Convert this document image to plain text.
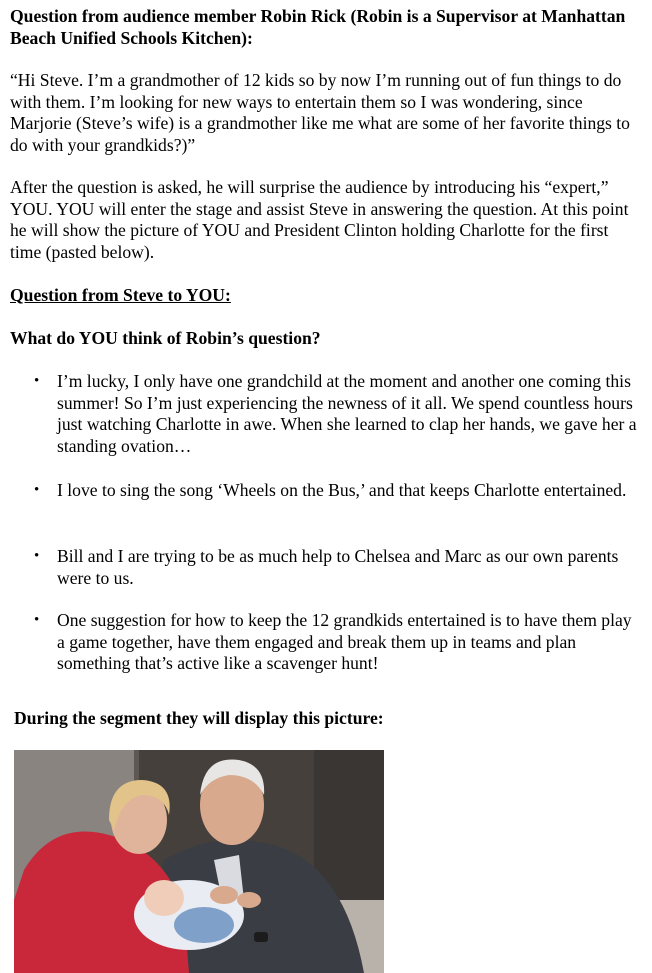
Question from audience member Robin Rick (Robin is a Supervisor at Manhattan Beach Unified Schools Kitchen):

“Hi Steve. I’m a grandmother of 12 kids so by now I’m running out of fun things to do with them. I’m looking for new ways to entertain them so I was wondering, since Marjorie (Steve’s wife) is a grandmother like me what are some of her favorite things to do with your grandkids?)”

After the question is asked, he will surprise the audience by introducing his “expert,” YOU. YOU will enter the stage and assist Steve in answering the question. At this point he will show the picture of YOU and President Clinton holding Charlotte for the first time (pasted below).

Question from Steve to YOU:

What do YOU think of Robin’s question?

• I’m lucky, I only have one grandchild at the moment and another one coming this summer! So I’m just experiencing the newness of it all. We spend countless hours just watching Charlotte in awe. When she learned to clap her hands, we gave her a standing ovation…
• I love to sing the song ‘Wheels on the Bus,’ and that keeps Charlotte entertained.
• Bill and I are trying to be as much help to Chelsea and Marc as our own parents were to us.
• One suggestion for how to keep the 12 grandkids entertained is to have them play a game together, have them engaged and break them up in teams and plan something that’s active like a scavenger hunt!

During the segment they will display this picture:
